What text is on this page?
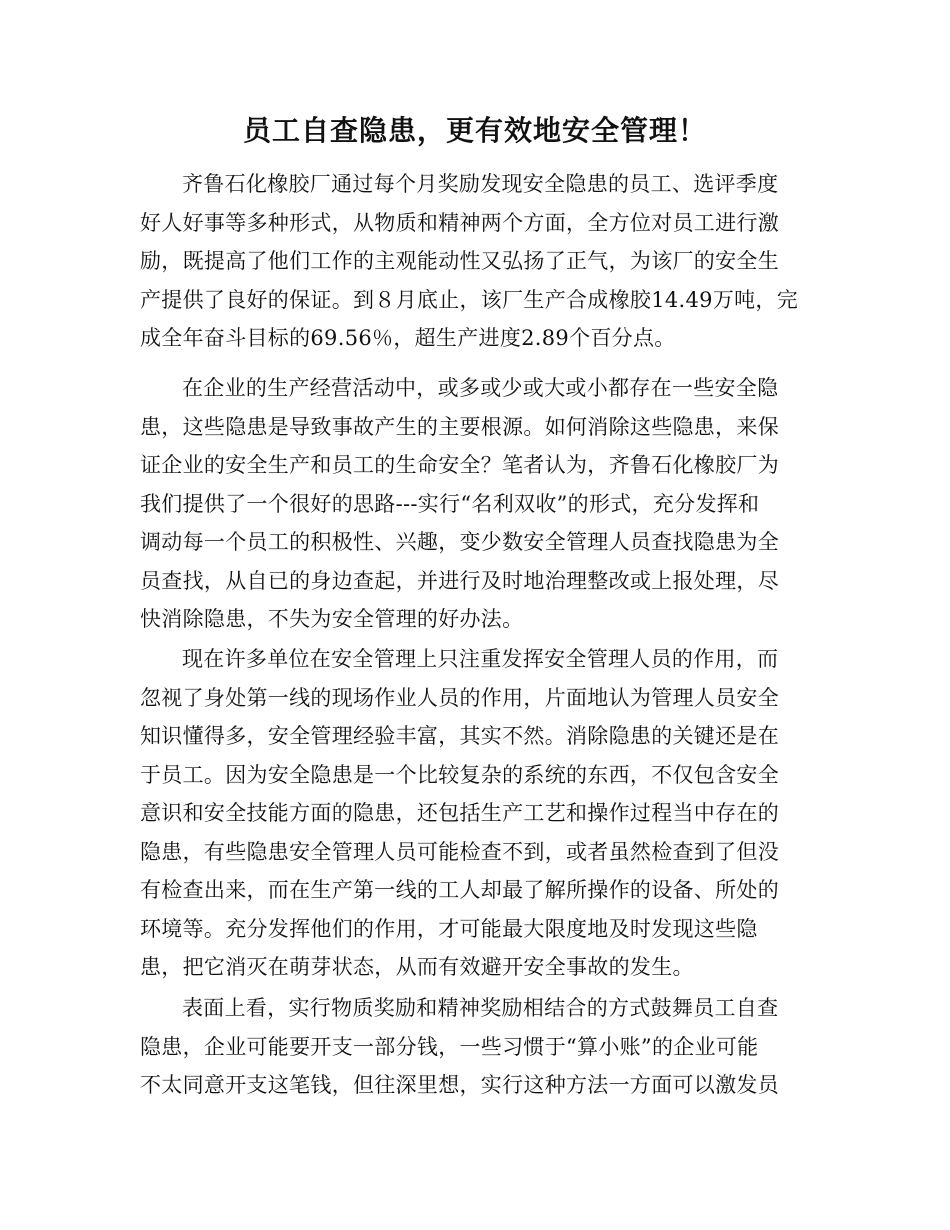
员工自查隐患，更有效地安全管理！
齐鲁石化橡胶厂通过每个月奖励发现安全隐患的员工、选评季度
好人好事等多种形式，从物质和精神两个方面，全方位对员工进行激
励，既提高了他们工作的主观能动性又弘扬了正气，为该厂的安全生
产提供了良好的保证。到８月底止，该厂生产合成橡胶14.49万吨，完
成全年奋斗目标的69.56％，超生产进度2.89个百分点。
在企业的生产经营活动中，或多或少或大或小都存在一些安全隐
患，这些隐患是导致事故产生的主要根源。如何消除这些隐患，来保
证企业的安全生产和员工的生命安全？笔者认为，齐鲁石化橡胶厂为
我们提供了一个很好的思路---实行“名利双收”的形式，充分发挥和
调动每一个员工的积极性、兴趣，变少数安全管理人员查找隐患为全
员查找，从自已的身边查起，并进行及时地治理整改或上报处理，尽
快消除隐患，不失为安全管理的好办法。
现在许多单位在安全管理上只注重发挥安全管理人员的作用，而
忽视了身处第一线的现场作业人员的作用，片面地认为管理人员安全
知识懂得多，安全管理经验丰富，其实不然。消除隐患的关键还是在
于员工。因为安全隐患是一个比较复杂的系统的东西，不仅包含安全
意识和安全技能方面的隐患，还包括生产工艺和操作过程当中存在的
隐患，有些隐患安全管理人员可能检查不到，或者虽然检查到了但没
有检查出来，而在生产第一线的工人却最了解所操作的设备、所处的
环境等。充分发挥他们的作用，才可能最大限度地及时发现这些隐
患，把它消灭在萌芽状态，从而有效避开安全事故的发生。
表面上看，实行物质奖励和精神奖励相结合的方式鼓舞员工自查
隐患，企业可能要开支一部分钱，一些习惯于“算小账”的企业可能
不太同意开支这笔钱，但往深里想，实行这种方法一方面可以激发员
